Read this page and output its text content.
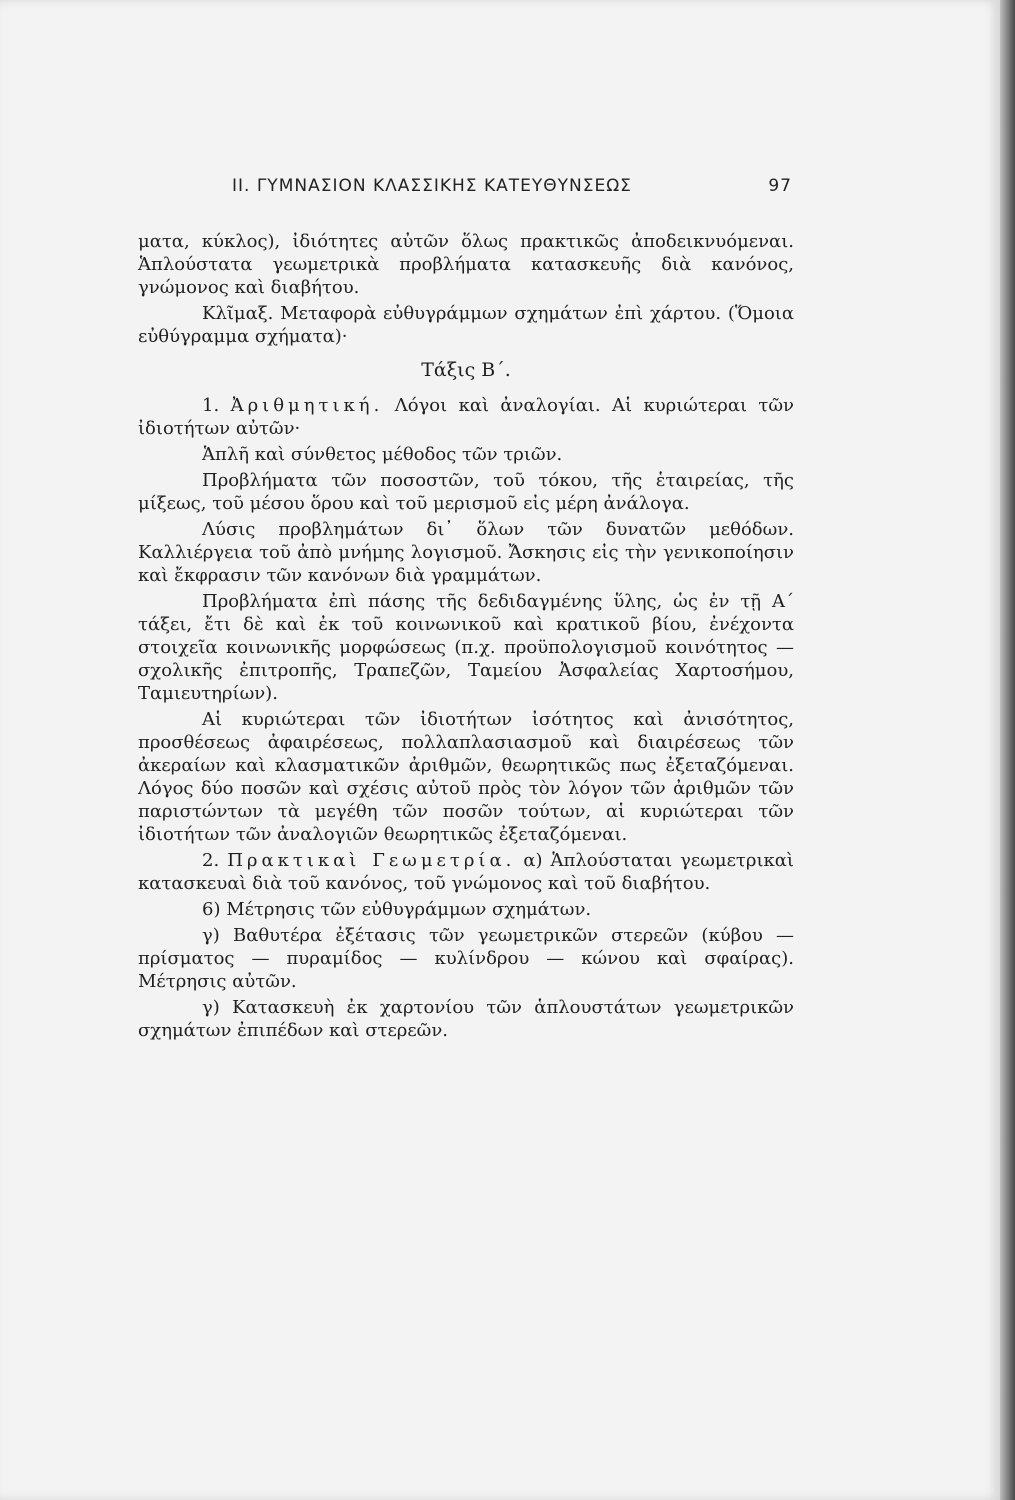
ΙΙ. ΓΥΜΝΑΣΙΟΝ ΚΛΑΣΣΙΚΗΣ ΚΑΤΕΥΘΥΝΣΕΩΣ	97

ματα, κύκλος), ἰδιότητες αὐτῶν ὅλως πρακτικῶς ἀποδεικνυόμεναι. Ἁπλούστατα γεωμετρικὰ προβλήματα κατασκευῆς διὰ κανόνος, γνώμονος καὶ διαβήτου.

Κλῖμαξ. Μεταφορὰ εὐθυγράμμων σχημάτων ἐπὶ χάρτου. (Ὅμοια εὐθύγραμμα σχήματα)·

Τάξις Β΄.

1. Ἀριθμητική. Λόγοι καὶ ἀναλογίαι. Αἱ κυριώτεραι τῶν ἰδιοτήτων αὐτῶν·

Ἁπλῆ καὶ σύνθετος μέθοδος τῶν τριῶν.

Προβλήματα τῶν ποσοστῶν, τοῦ τόκου, τῆς ἑταιρείας, τῆς μίξεως, τοῦ μέσου ὅρου καὶ τοῦ μερισμοῦ εἰς μέρη ἀνάλογα.

Λύσις προβλημάτων δι᾽ ὅλων τῶν δυνατῶν μεθόδων. Καλλιέργεια τοῦ ἀπὸ μνήμης λογισμοῦ. Ἄσκησις εἰς τὴν γενικοποίησιν καὶ ἔκφρασιν τῶν κανόνων διὰ γραμμάτων.

Προβλήματα ἐπὶ πάσης τῆς δεδιδαγμένης ὕλης, ὡς ἐν τῇ Α΄ τάξει, ἔτι δὲ καὶ ἐκ τοῦ κοινωνικοῦ καὶ κρατικοῦ βίου, ἐνέχοντα στοιχεῖα κοινωνικῆς μορφώσεως (π.χ. προϋπολογισμοῦ κοινότητος — σχολικῆς ἐπιτροπῆς, Τραπεζῶν, Ταμείου Ἀσφαλείας Χαρτοσήμου, Ταμιευτηρίων).

Αἱ κυριώτεραι τῶν ἰδιοτήτων ἰσότητος καὶ ἀνισότητος, προσθέσεως ἀφαιρέσεως, πολλαπλασιασμοῦ καὶ διαιρέσεως τῶν ἀκεραίων καὶ κλασματικῶν ἀριθμῶν, θεωρητικῶς πως ἐξεταζόμεναι. Λόγος δύο ποσῶν καὶ σχέσις αὐτοῦ πρὸς τὸν λόγον τῶν ἀριθμῶν τῶν παριστώντων τὰ μεγέθη τῶν ποσῶν τούτων, αἱ κυριώτεραι τῶν ἰδιοτήτων τῶν ἀναλογιῶν θεωρητικῶς ἐξεταζόμεναι.

2. Πρακτικαὶ Γεωμετρία. α) Ἁπλούσταται γεωμετρικαὶ κατασκευαὶ διὰ τοῦ κανόνος, τοῦ γνώμονος καὶ τοῦ διαβήτου.

6) Μέτρησις τῶν εὐθυγράμμων σχημάτων.

γ) Βαθυτέρα ἐξέτασις τῶν γεωμετρικῶν στερεῶν (κύβου — πρίσματος — πυραμίδος — κυλίνδρου — κώνου καὶ σφαίρας). Μέτρησις αὐτῶν.

γ) Κατασκευὴ ἐκ χαρτονίου τῶν ἁπλουστάτων γεωμετρικῶν σχημάτων ἐπιπέδων καὶ στερεῶν.
